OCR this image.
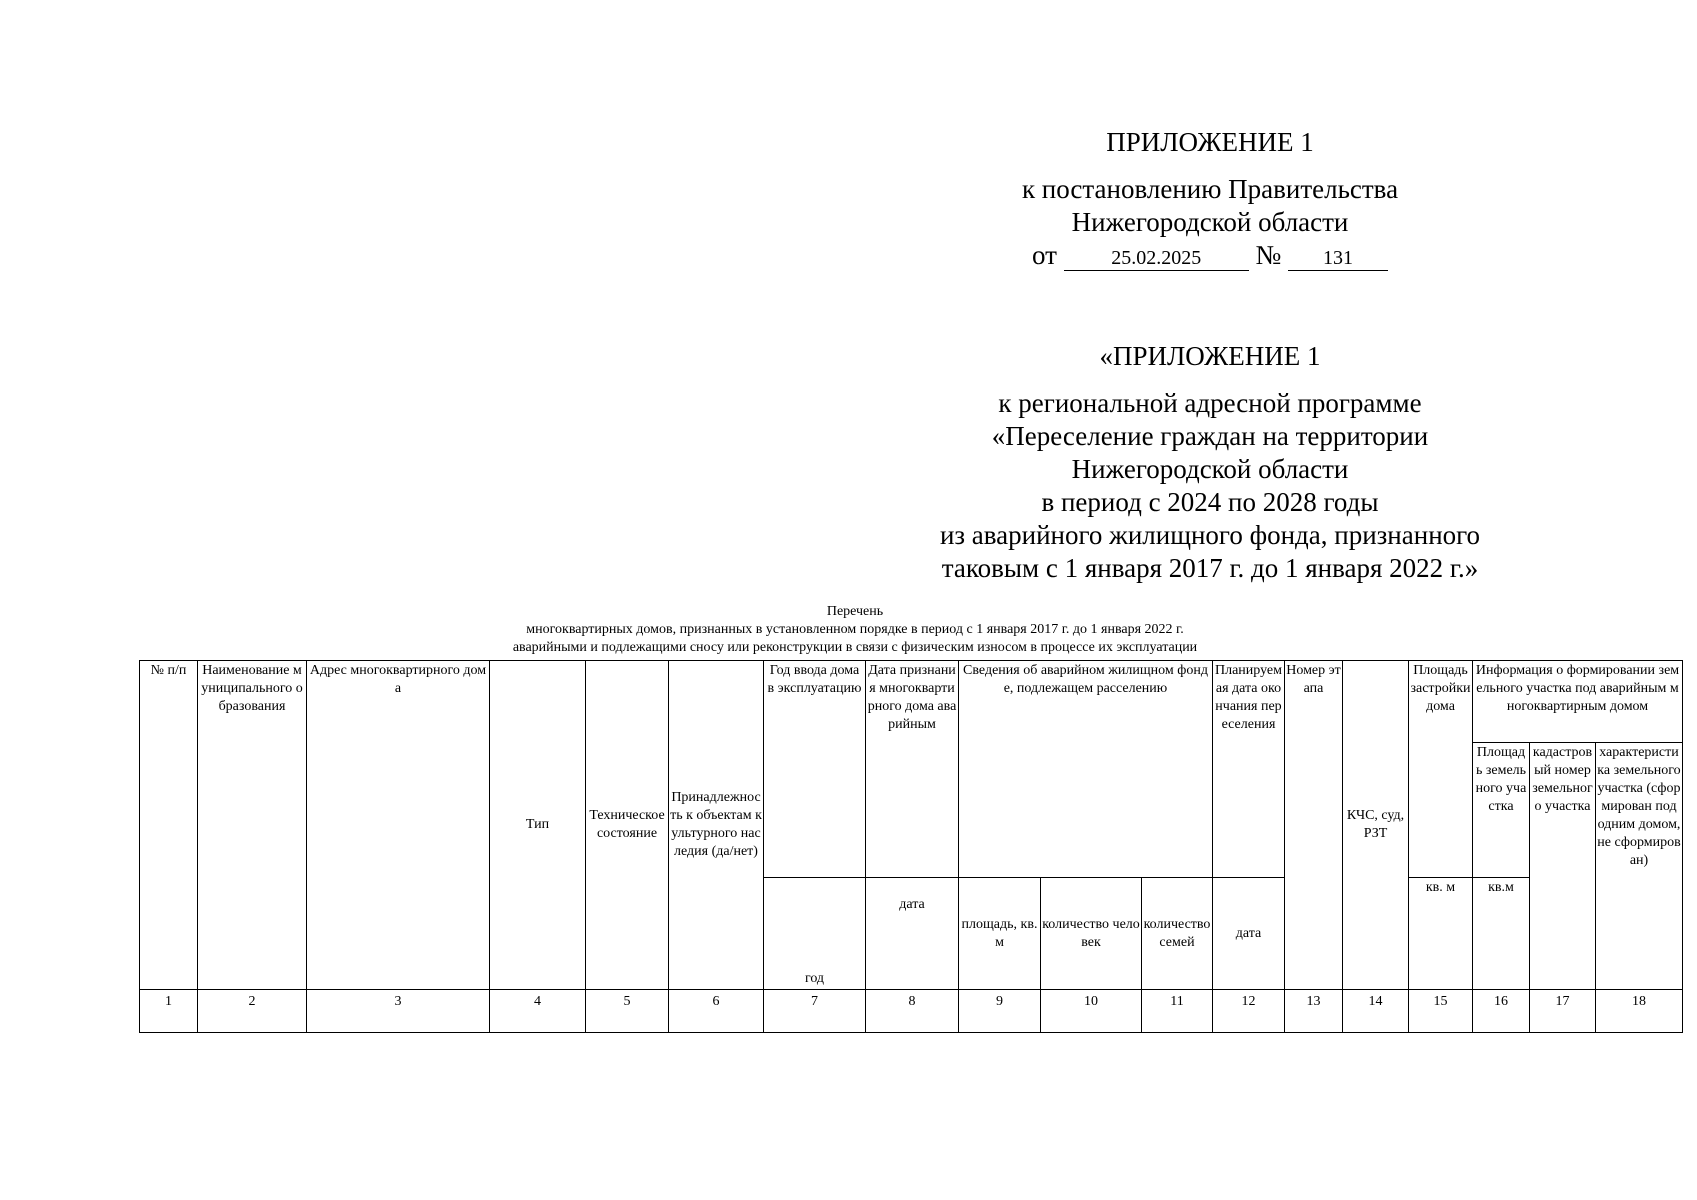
ПРИЛОЖЕНИЕ 1

к постановлению Правительства

Нижегородской области

от	25.02.2025 № 131

«ПРИЛОЖЕНИЕ 1

к региональной адресной программе

«Переселение граждан на территории

Нижегородской области

в период с 2024 по 2028 годы

из аварийного жилищного фонда, признанного

таковым с 1 января 2017 г. до 1 января 2022 г.»

Перечень

многоквартирных домов, признанных в установленном порядке в период с 1 января 2017 г. до 1 января 2022 г.

аварийными и подлежащими сносу или реконструкции в связи с физическим износом в процессе их эксплуатации

№ п/п	Наименование муниципального образования	Адрес многоквартирного дома	Тип	Техническое состояние	Принадлежность к объектам культурного наследия (да/нет)	Год ввода дома в эксплуатацию	Дата признания многоквартирного дома аварийным	Сведения об аварийном жилищном фонде, подлежащем расселению			Планируемая дата окончания переселения	Номер этапа	КЧС, суд, РЗТ	Площадь застройки дома	Информация о формировании земельного участка под аварийным многоквартирным домом		
															Площадь земельного участка	кадастровый номер земельного участка	характеристика земельного участка (сформирован под одним домом, не сформирован)
						год	дата	площадь, кв.м	количество человек	количество семей	дата			кв. м	кв.м		
1	2	3	4	5	6	7	8	9	10	11	12	13	14	15	16	17	18
